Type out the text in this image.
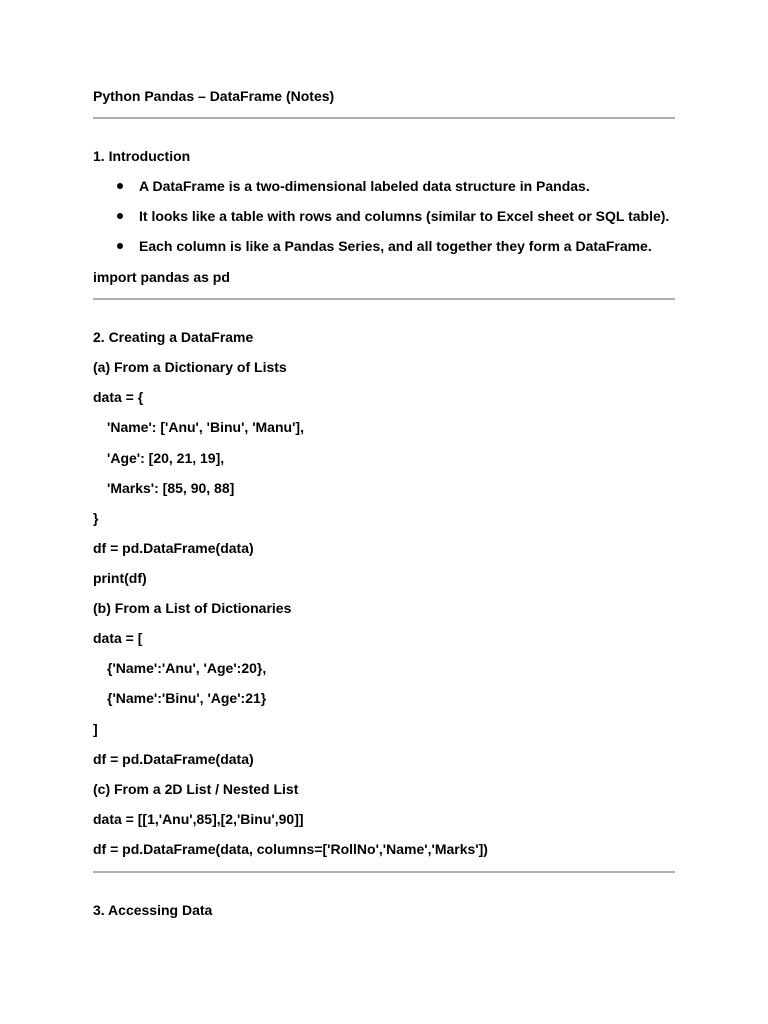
Python Pandas – DataFrame (Notes)
1. Introduction
A DataFrame is a two-dimensional labeled data structure in Pandas.
It looks like a table with rows and columns (similar to Excel sheet or SQL table).
Each column is like a Pandas Series, and all together they form a DataFrame.
import pandas as pd
2. Creating a DataFrame
(a) From a Dictionary of Lists
data = {
'Name': ['Anu', 'Binu', 'Manu'],
'Age': [20, 21, 19],
'Marks': [85, 90, 88]
}
df = pd.DataFrame(data)
print(df)
(b) From a List of Dictionaries
data = [
{'Name':'Anu', 'Age':20},
{'Name':'Binu', 'Age':21}
]
df = pd.DataFrame(data)
(c) From a 2D List / Nested List
data = [[1,'Anu',85],[2,'Binu',90]]
df = pd.DataFrame(data, columns=['RollNo','Name','Marks'])
3. Accessing Data
